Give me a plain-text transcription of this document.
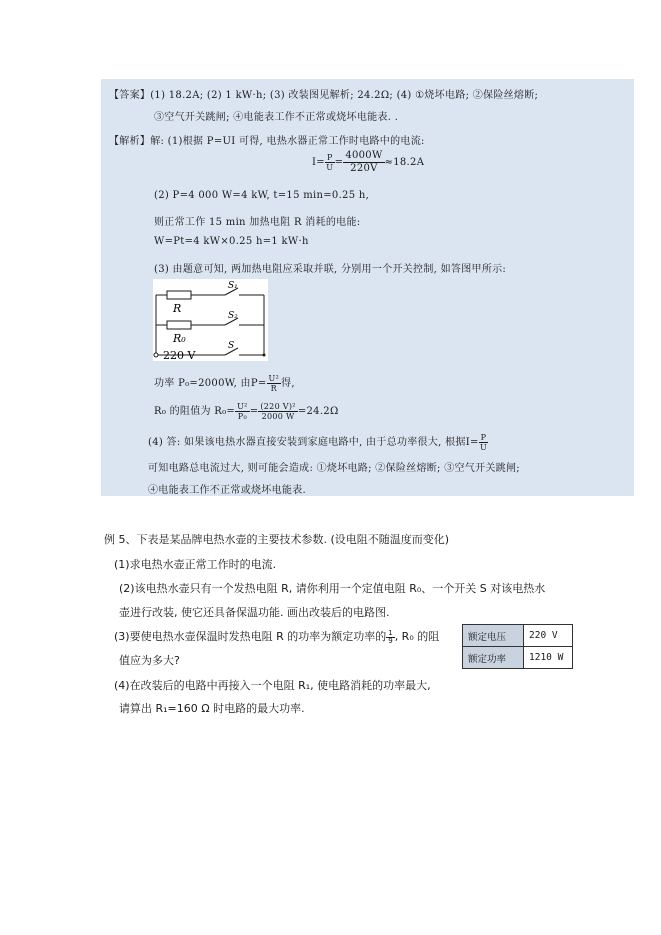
【答案】(1) 18.2A; (2) 1 kW·h; (3) 改装图见解析; 24.2Ω; (4) ①烧坏电路; ②保险丝熔断;
③空气开关跳闸; ④电能表工作不正常或烧坏电能表. .
【解析】解: (1)根据 P=UI 可得, 电热水器正常工作时电路中的电流:
$I= \frac{P}{U} = \frac{4000W}{220V} \approx 18.2A$
(2) P=4 000 W=4 kW, t=15 min=0.25 h,
则正常工作 15 min 加热电阻 R 消耗的电能:
W=Pt=4 kW×0.25 h=1 kW·h
(3) 由题意可知, 两加热电阻应采取并联, 分别用一个开关控制, 如答图甲所示:
S₁
S₂
S
R
R₀
220 V
功率 P₀=2000W, 由$P= \frac{\text{U²}}{R}$ 得,
R₀ 的阻值为 $R_0= \frac{\text{U²}}{\text{P₀}} = \frac{\text{(220 V)²}}{2000 W} =24.2\Omega$
(4) 答: 如果该电热水器直接安装到家庭电路中, 由于总功率很大, 根据$I= \frac{P}{U}$
可知电路总电流过大, 则可能会造成: ①烧坏电路; ②保险丝熔断; ③空气开关跳闸;
④电能表工作不正常或烧坏电能表.
例 5、下表是某品牌电热水壶的主要技术参数. (设电阻不随温度而变化)
(1)求电热水壶正常工作时的电流.
(2)该电热水壶只有一个发热电阻 R, 请你利用一个定值电阻 R₀、一个开关 S 对该电热水
壶进行改装, 使它还具备保温功能. 画出改装后的电路图.
(3)要使电热水壶保温时发热电阻 R 的功率为额定功率的 $\frac{1}{9}$ , R₀ 的阻
值应为多大?
(4)在改装后的电路中再接入一个电阻 R₁, 使电路消耗的功率最大,
请算出 R₁=160 Ω 时电路的最大功率.
额定电压	220 V
额定功率	1210 W
